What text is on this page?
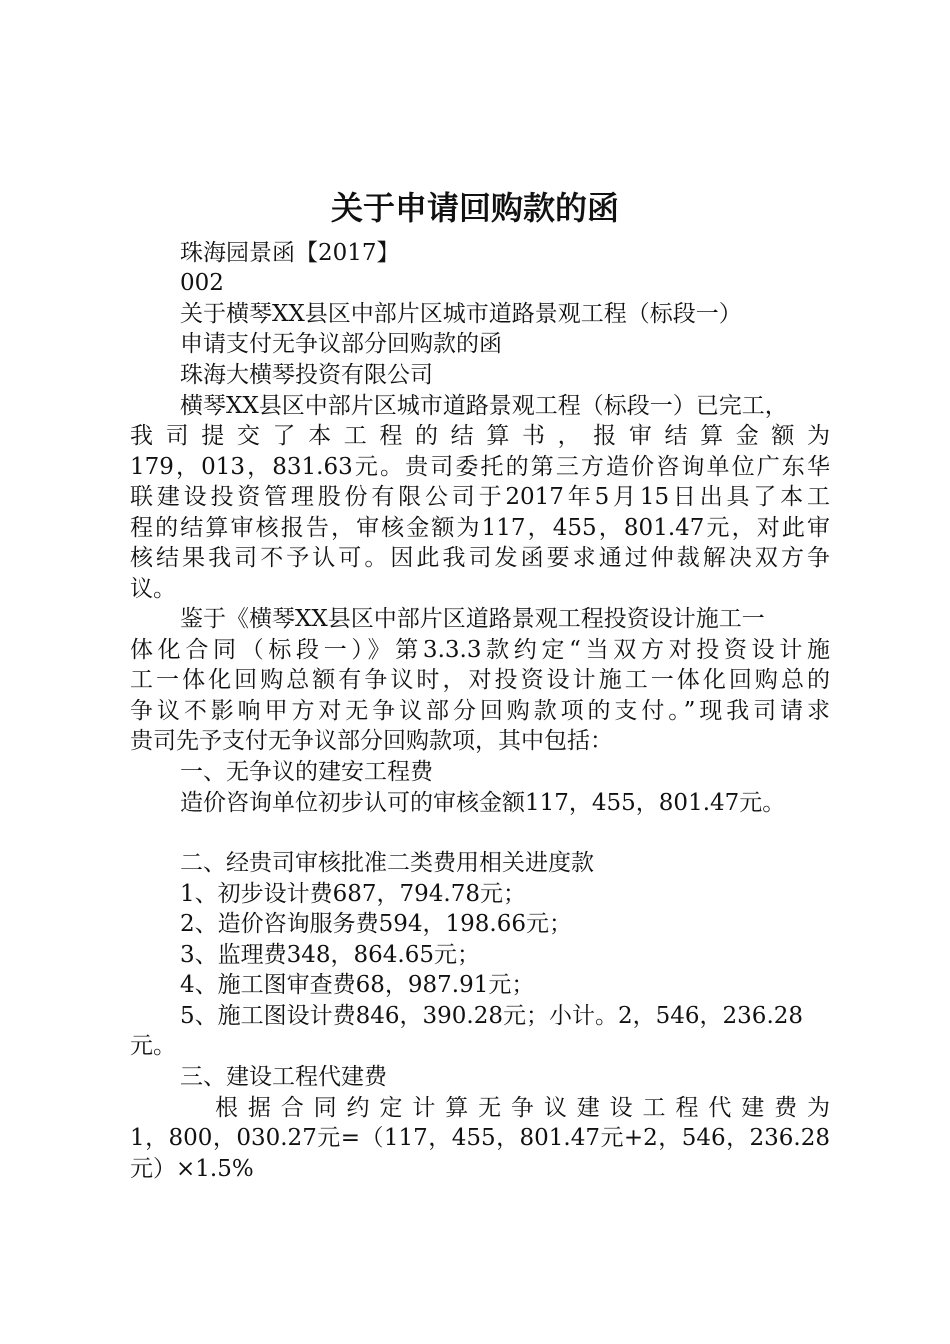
关于申请回购款的函
珠海园景函【2017】
002
关于横琴XX县区中部片区城市道路景观工程（标段一）
申请支付无争议部分回购款的函
珠海大横琴投资有限公司
横琴XX县区中部片区城市道路景观工程（标段一）已完工，
我司提交了本工程的结算书，报审结算金额为
179，013，831.63元。贵司委托的第三方造价咨询单位广东华
联建设投资管理股份有限公司于2017年5月15日出具了本工
程的结算审核报告，审核金额为117，455，801.47元，对此审
核结果我司不予认可。因此我司发函要求通过仲裁解决双方争
议。
鉴于《横琴XX县区中部片区道路景观工程投资设计施工一
体化合同（标段一）》第3.3.3款约定“当双方对投资设计施
工一体化回购总额有争议时，对投资设计施工一体化回购总的
争议不影响甲方对无争议部分回购款项的支付。”现我司请求
贵司先予支付无争议部分回购款项，其中包括：
一、无争议的建安工程费
造价咨询单位初步认可的审核金额117，455，801.47元。
二、经贵司审核批准二类费用相关进度款
1、初步设计费687，794.78元；
2、造价咨询服务费594，198.66元；
3、监理费348，864.65元；
4、施工图审查费68，987.91元；
5、施工图设计费846，390.28元；小计。2，546，236.28
元。
三、建设工程代建费
根据合同约定计算无争议建设工程代建费为
1，800，030.27元=（117，455，801.47元+2，546，236.28
元）×1.5%
